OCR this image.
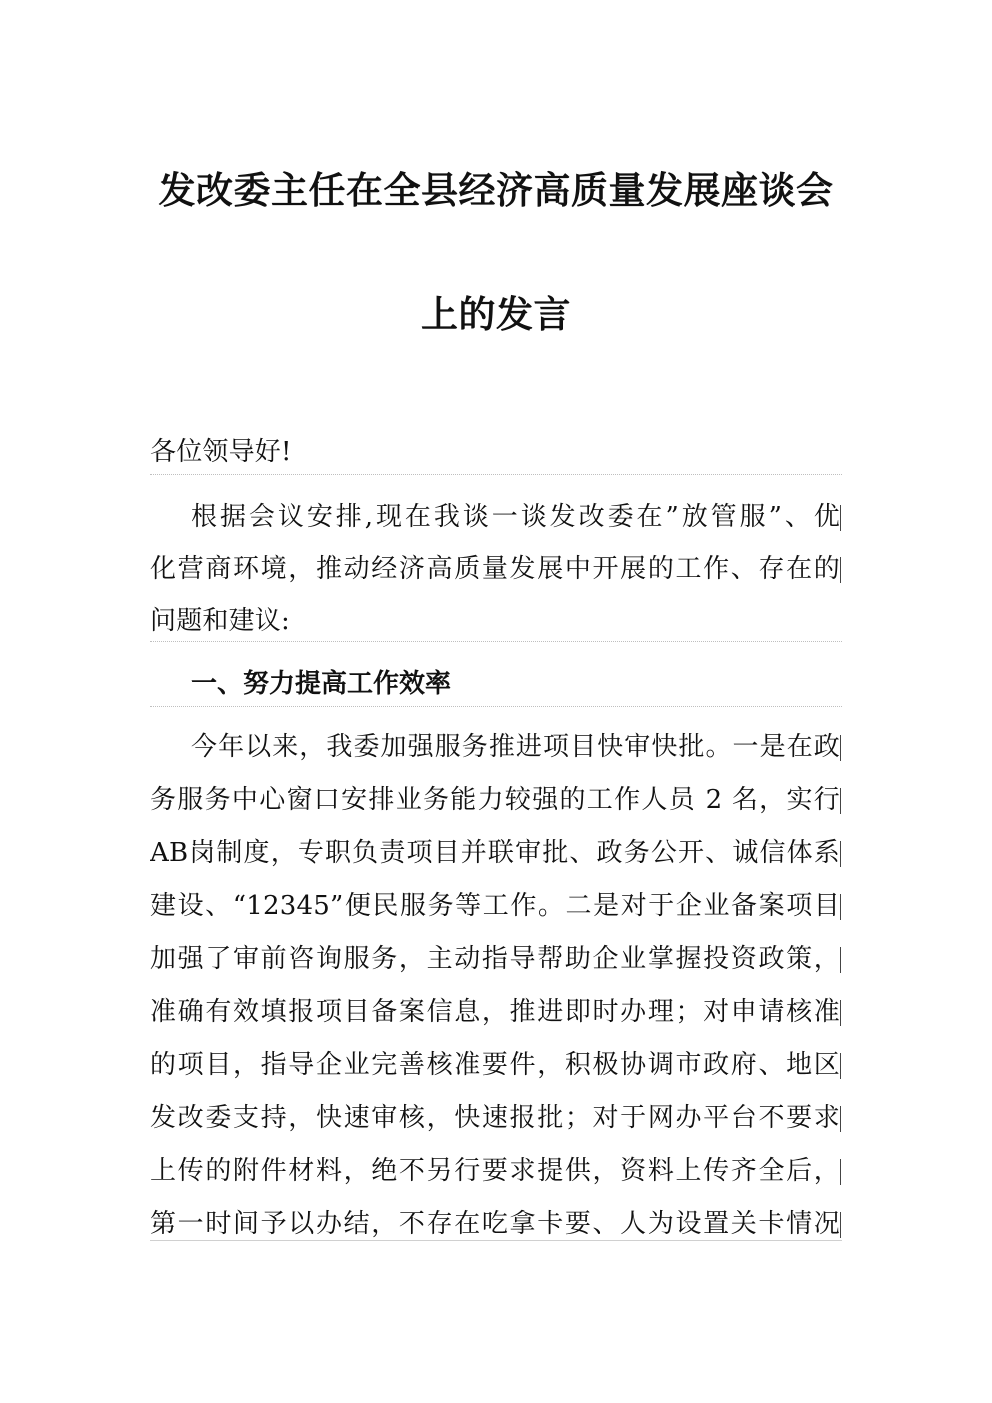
发改委主任在全县经济高质量发展座谈会
上的发言
各位领导好!
根据会议安排,现在我谈一谈发改委在”放管服”、优
化营商环境，推动经济高质量发展中开展的工作、存在的
问题和建议:
一、努力提高工作效率
今年以来，我委加强服务推进项目快审快批。一是在政
务服务中心窗口安排业务能力较强的工作人员 2 名，实行
AB岗制度，专职负责项目并联审批、政务公开、诚信体系
建设、“12345”便民服务等工作。二是对于企业备案项目
加强了审前咨询服务，主动指导帮助企业掌握投资政策，
准确有效填报项目备案信息，推进即时办理；对申请核准
的项目，指导企业完善核准要件，积极协调市政府、地区
发改委支持，快速审核，快速报批；对于网办平台不要求
上传的附件材料，绝不另行要求提供，资料上传齐全后，
第一时间予以办结，不存在吃拿卡要、人为设置关卡情况
